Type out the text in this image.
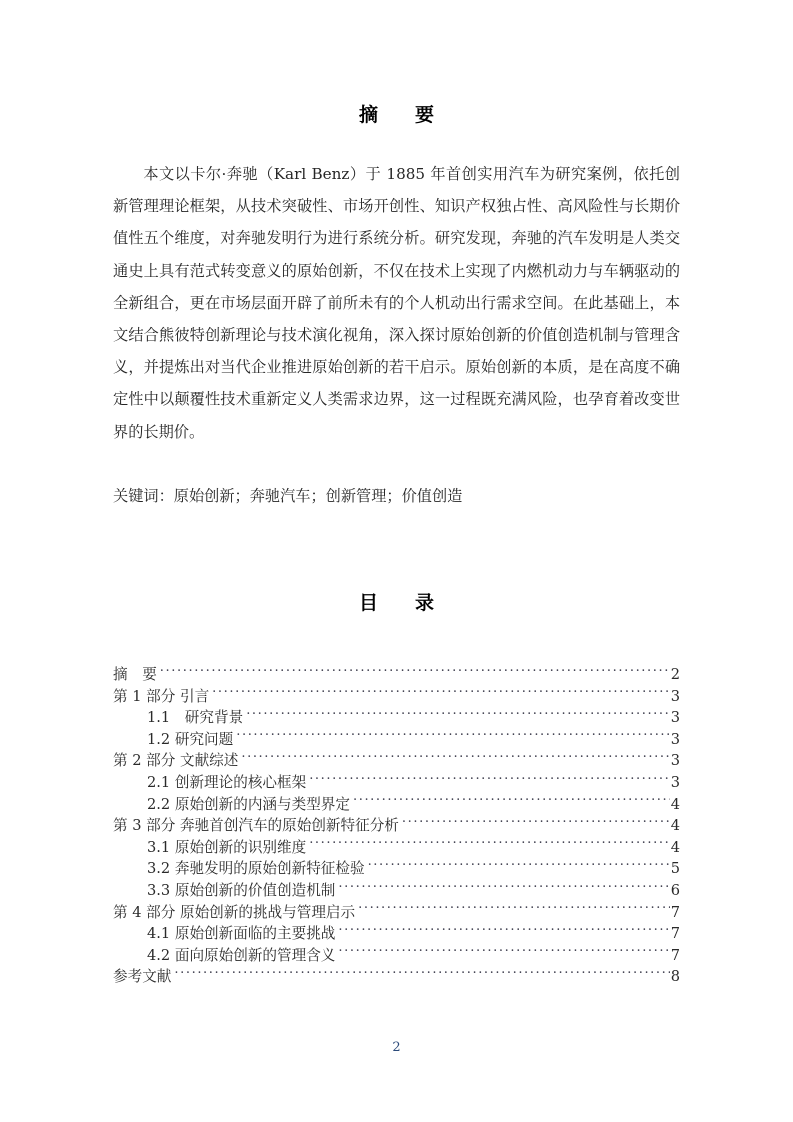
摘　要
本文以卡尔·奔驰（Karl Benz）于 1885 年首创实用汽车为研究案例，依托创新管理理论框架，从技术突破性、市场开创性、知识产权独占性、高风险性与长期价值性五个维度，对奔驰发明行为进行系统分析。研究发现，奔驰的汽车发明是人类交通史上具有范式转变意义的原始创新，不仅在技术上实现了内燃机动力与车辆驱动的全新组合，更在市场层面开辟了前所未有的个人机动出行需求空间。在此基础上，本文结合熊彼特创新理论与技术演化视角，深入探讨原始创新的价值创造机制与管理含义，并提炼出对当代企业推进原始创新的若干启示。原始创新的本质，是在高度不确定性中以颠覆性技术重新定义人类需求边界，这一过程既充满风险，也孕育着改变世界的长期价。
关键词：原始创新；奔驰汽车；创新管理；价值创造
目　录
摘　要 .....	2
第 1 部分 引言 .....	3
1.1　研究背景 .....	3
1.2 研究问题 .....	3
第 2 部分 文献综述 .....	3
2.1 创新理论的核心框架 .....	3
2.2 原始创新的内涵与类型界定 .....	4
第 3 部分 奔驰首创汽车的原始创新特征分析 .....	4
3.1 原始创新的识别维度 .....	4
3.2 奔驰发明的原始创新特征检验 .....	5
3.3 原始创新的价值创造机制 .....	6
第 4 部分 原始创新的挑战与管理启示 .....	7
4.1 原始创新面临的主要挑战 .....	7
4.2 面向原始创新的管理含义 .....	7
参考文献 .....	8
2
